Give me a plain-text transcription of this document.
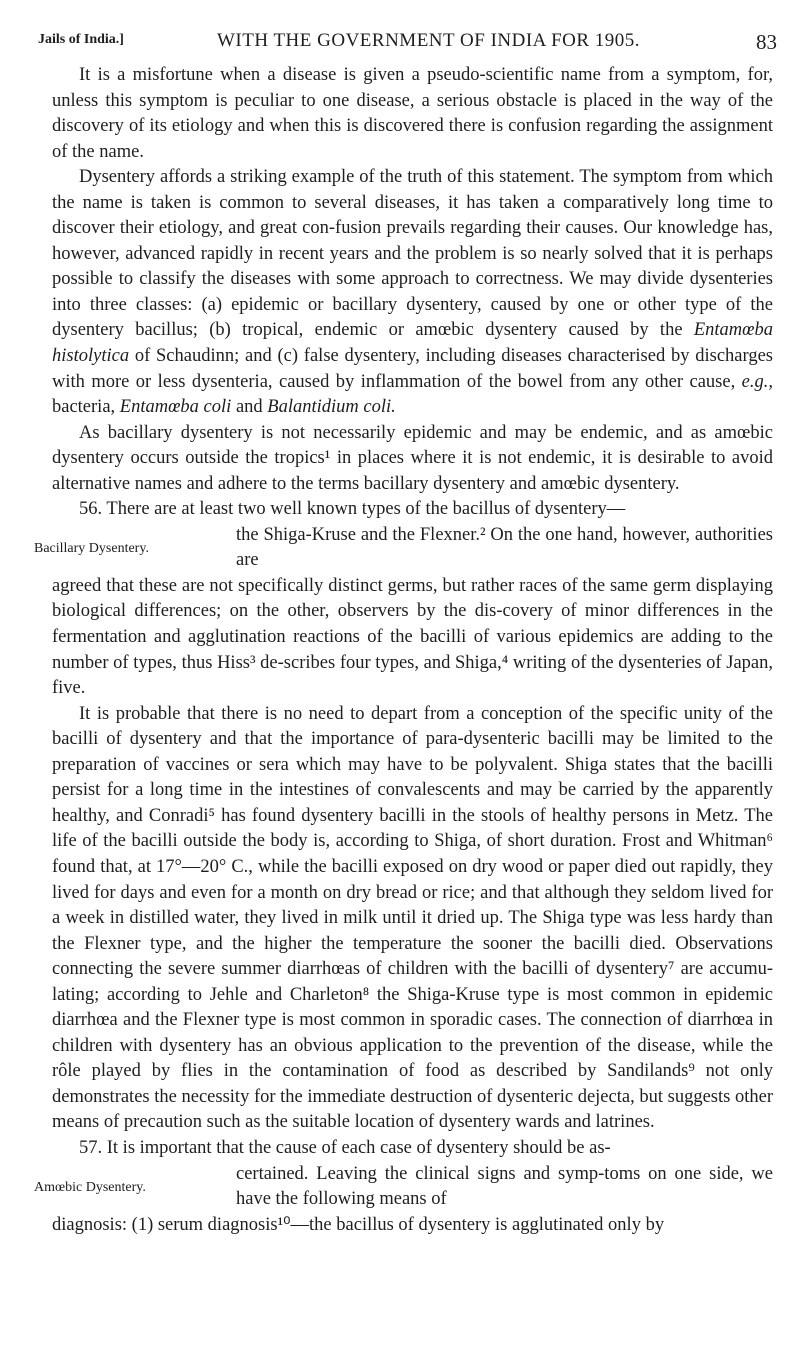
Jails of India.]	WITH THE GOVERNMENT OF INDIA FOR 1905.	83

It is a misfortune when a disease is given a pseudo-scientific name from a symptom, for, unless this symptom is peculiar to one disease, a serious obstacle is placed in the way of the discovery of its etiology and when this is discovered there is confusion regarding the assignment of the name.

Dysentery affords a striking example of the truth of this statement. The symptom from which the name is taken is common to several diseases, it has taken a comparatively long time to discover their etiology, and great con-fusion prevails regarding their causes. Our knowledge has, however, advanced rapidly in recent years and the problem is so nearly solved that it is perhaps possible to classify the diseases with some approach to correctness. We may divide dysenteries into three classes: (a) epidemic or bacillary dysentery, caused by one or other type of the dysentery bacillus; (b) tropical, endemic or amœbic dysentery caused by the Entamœba histolytica of Schaudinn; and (c) false dysentery, including diseases characterised by discharges with more or less dysenteria, caused by inflammation of the bowel from any other cause, e.g., bacteria, Entamœba coli and Balantidium coli.

As bacillary dysentery is not necessarily epidemic and may be endemic, and as amœbic dysentery occurs outside the tropics¹ in places where it is not endemic, it is desirable to avoid alternative names and adhere to the terms bacillary dysentery and amœbic dysentery.

56. There are at least two well known types of the bacillus of dysentery—

Bacillary Dysentery.
the Shiga-Kruse and the Flexner.² On the one hand, however, authorities are

agreed that these are not specifically distinct germs, but rather races of the same germ displaying biological differences; on the other, observers by the dis-covery of minor differences in the fermentation and agglutination reactions of the bacilli of various epidemics are adding to the number of types, thus Hiss³ de-scribes four types, and Shiga,⁴ writing of the dysenteries of Japan, five.

It is probable that there is no need to depart from a conception of the specific unity of the bacilli of dysentery and that the importance of para-dysenteric bacilli may be limited to the preparation of vaccines or sera which may have to be polyvalent. Shiga states that the bacilli persist for a long time in the intestines of convalescents and may be carried by the apparently healthy, and Conradi⁵ has found dysentery bacilli in the stools of healthy persons in Metz. The life of the bacilli outside the body is, according to Shiga, of short duration. Frost and Whitman⁶ found that, at 17°—20° C., while the bacilli exposed on dry wood or paper died out rapidly, they lived for days and even for a month on dry bread or rice; and that although they seldom lived for a week in distilled water, they lived in milk until it dried up. The Shiga type was less hardy than the Flexner type, and the higher the temperature the sooner the bacilli died. Observations connecting the severe summer diarrhœas of children with the bacilli of dysentery⁷ are accumu-lating; according to Jehle and Charleton⁸ the Shiga-Kruse type is most common in epidemic diarrhœa and the Flexner type is most common in sporadic cases. The connection of diarrhœa in children with dysentery has an obvious application to the prevention of the disease, while the rôle played by flies in the contamination of food as described by Sandilands⁹ not only demonstrates the necessity for the immediate destruction of dysenteric dejecta, but suggests other means of precaution such as the suitable location of dysentery wards and latrines.

57. It is important that the cause of each case of dysentery should be as-

Amœbic Dysentery.
certained. Leaving the clinical signs and symp-toms on one side, we have the following means of

diagnosis: (1) serum diagnosis¹⁰—the bacillus of dysentery is agglutinated only by
